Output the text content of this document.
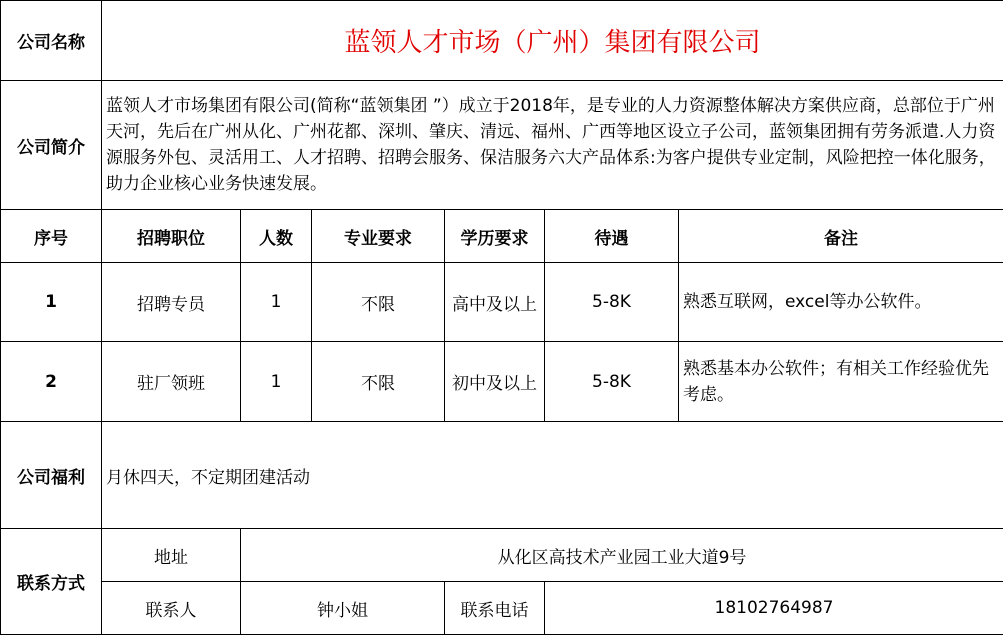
公司名称	蓝领人才市场（广州）集团有限公司					
公司简介	蓝领人才市场集团有限公司(简称“蓝领集团 ”）成立于2018年，是专业的人力资源整体解决方案供应商，总部位于广州天河，先后在广州从化、广州花都、深圳、肇庆、清远、福州、广西等地区设立子公司，蓝领集团拥有劳务派遣.人力资源服务外包、灵活用工、人才招聘、招聘会服务、保洁服务六大产品体系:为客户提供专业定制，风险把控一体化服务，助力企业核心业务快速发展。					
序号	招聘职位	人数	专业要求	学历要求	待遇	备注
1	招聘专员	1	不限	高中及以上	5-8K	熟悉互联网，excel等办公软件。
2	驻厂领班	1	不限	初中及以上	5-8K	熟悉基本办公软件；有相关工作经验优先考虑。
公司福利	月休四天，不定期团建活动					
联系方式	地址	从化区高技术产业园工业大道9号				
	联系人	钟小姐		联系电话	18102764987	
